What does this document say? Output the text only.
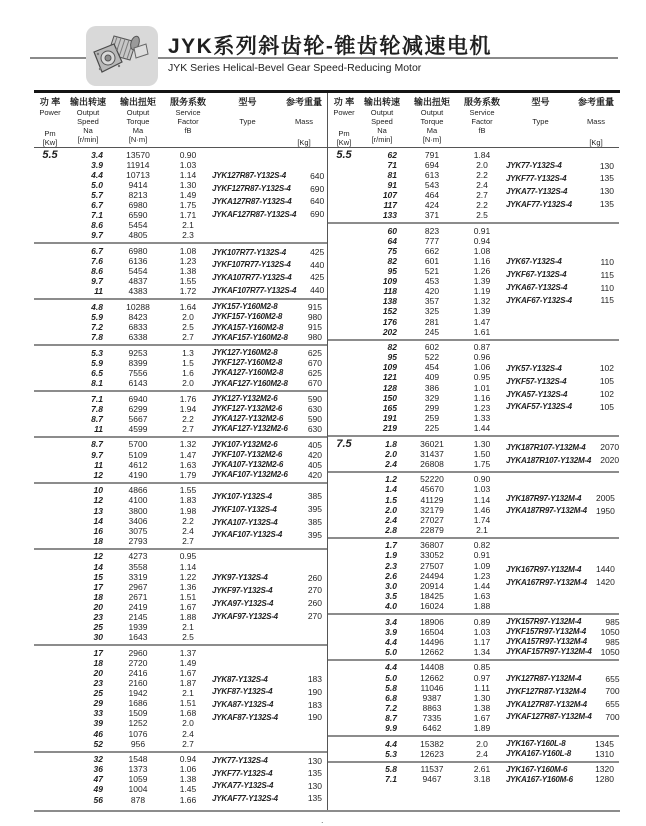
JYK系列斜齿轮-锥齿轮减速电机
JYK Series Helical-Bevel Gear Speed-Reducing Motor
功 率
Power
Pm
[Kw]
输出转速
Output
Speed
Na
[r/min]
输出扭矩
Output
Torque
Ma
[N·m]
服务系数
Service
Factor
fB
型号
Type
参考重量
Mass
[Kg]
5.5	3.4	13570	0.90
3.9	11914	1.03
4.4	10713	1.14
5.0	9414	1.30
5.7	8213	1.49
6.7	6980	1.75
7.1	6590	1.71
8.6	5454	2.1
9.7	4805	2.3
JYK127R87-Y132S-4	640
JYKF127R87-Y132S-4	690
JYKA127R87-Y132S-4	640
JYKAF127R87-Y132S-4	690
6.7	6980	1.08
7.6	6136	1.23
8.6	5454	1.38
9.7	4837	1.55
11	4383	1.72
JYK107R77-Y132S-4	425
JYKF107R77-Y132S-4	440
JYKA107R77-Y132S-4	425
JYKAF107R77-Y132S-4	440
4.8	10288	1.64
5.9	8423	2.0
7.2	6833	2.5
7.8	6338	2.7
JYK157-Y160M2-8	915
JYKF157-Y160M2-8	980
JYKA157-Y160M2-8	915
JYKAF157-Y160M2-8	980
5.3	9253	1.3
5.9	8399	1.5
6.5	7556	1.6
8.1	6143	2.0
JYK127-Y160M2-8	625
JYKF127-Y160M2-8	670
JYKA127-Y160M2-8	625
JYKAF127-Y160M2-8	670
7.1	6940	1.76
7.8	6299	1.94
8.7	5667	2.2
11	4599	2.7
JYK127-Y132M2-6	590
JYKF127-Y132M2-6	630
JYKA127-Y132M2-6	590
JYKAF127-Y132M2-6	630
8.7	5700	1.32
9.7	5109	1.47
11	4612	1.63
12	4190	1.79
JYK107-Y132M2-6	405
JYKF107-Y132M2-6	420
JYKA107-Y132M2-6	405
JYKAF107-Y132M2-6	420
10	4866	1.55
12	4100	1.83
13	3800	1.98
14	3406	2.2
16	3075	2.4
18	2793	2.7
JYK107-Y132S-4	385
JYKF107-Y132S-4	395
JYKA107-Y132S-4	385
JYKAF107-Y132S-4	395
12	4273	0.95
14	3558	1.14
15	3319	1.22
17	2967	1.36
18	2671	1.51
20	2419	1.67
23	2145	1.88
25	1939	2.1
30	1643	2.5
JYK97-Y132S-4	260
JYKF97-Y132S-4	270
JYKA97-Y132S-4	260
JYKAF97-Y132S-4	270
17	2960	1.37
18	2720	1.49
20	2416	1.67
23	2160	1.87
25	1942	2.1
29	1686	1.51
33	1509	1.68
39	1252	2.0
46	1076	2.4
52	956	2.7
JYK87-Y132S-4	183
JYKF87-Y132S-4	190
JYKA87-Y132S-4	183
JYKAF87-Y132S-4	190
32	1548	0.94
36	1373	1.06
47	1059	1.38
49	1004	1.45
56	878	1.66
JYK77-Y132S-4	130
JYKF77-Y132S-4	135
JYKA77-Y132S-4	130
JYKAF77-Y132S-4	135
功 率
Power
Pm
[Kw]
输出转速
Output
Speed
Na
[r/min]
输出扭矩
Output
Torque
Ma
[N·m]
服务系数
Service
Factor
fB
型号
Type
参考重量
Mass
[Kg]
5.5	62	791	1.84
71	694	2.0
81	613	2.2
91	543	2.4
107	464	2.7
117	424	2.2
133	371	2.5
JYK77-Y132S-4	130
JYKF77-Y132S-4	135
JYKA77-Y132S-4	130
JYKAF77-Y132S-4	135
60	823	0.91
64	777	0.94
75	662	1.08
82	601	1.16
95	521	1.26
109	453	1.39
118	420	1.19
138	357	1.32
152	325	1.39
176	281	1.47
202	245	1.61
JYK67-Y132S-4	110
JYKF67-Y132S-4	115
JYKA67-Y132S-4	110
JYKAF67-Y132S-4	115
82	602	0.87
95	522	0.96
109	454	1.06
121	409	0.95
128	386	1.01
150	329	1.16
165	299	1.23
191	259	1.33
219	225	1.44
JYK57-Y132S-4	102
JYKF57-Y132S-4	105
JYKA57-Y132S-4	102
JYKAF57-Y132S-4	105
7.5	1.8	36021	1.30
2.0	31437	1.50
2.4	26808	1.75
JYK187R107-Y132M-4	2070
JYKA187R107-Y132M-4	2020
1.2	52220	0.90
1.4	45670	1.03
1.5	41129	1.14
2.0	32179	1.46
2.4	27027	1.74
2.8	22879	2.1
JYK187R97-Y132M-4	2005
JYKA187R97-Y132M-4	1950
1.7	36807	0.82
1.9	33052	0.91
2.3	27507	1.09
2.6	24494	1.23
3.0	20914	1.44
3.5	18425	1.63
4.0	16024	1.88
JYK167R97-Y132M-4	1440
JYKA167R97-Y132M-4	1420
3.4	18906	0.89
3.9	16504	1.03
4.4	14496	1.17
5.0	12662	1.34
JYK157R97-Y132M-4	985
JYKF157R97-Y132M-4	1050
JYKA157R97-Y132M-4	985
JYKAF157R97-Y132M-4	1050
4.4	14408	0.85
5.0	12662	0.97
5.8	11046	1.11
6.8	9387	1.30
7.2	8863	1.38
8.7	7335	1.67
9.9	6462	1.89
JYK127R87-Y132M-4	655
JYKF127R87-Y132M-4	700
JYKA127R87-Y132M-4	655
JYKAF127R87-Y132M-4	700
4.4	15382	2.0
5.3	12623	2.4
JYK167-Y160L-8	1345
JYKA167-Y160L-8	1310
5.8	11537	2.61
7.1	9467	3.18
JYK167-Y160M-6	1320
JYKA167-Y160M-6	1280
.
